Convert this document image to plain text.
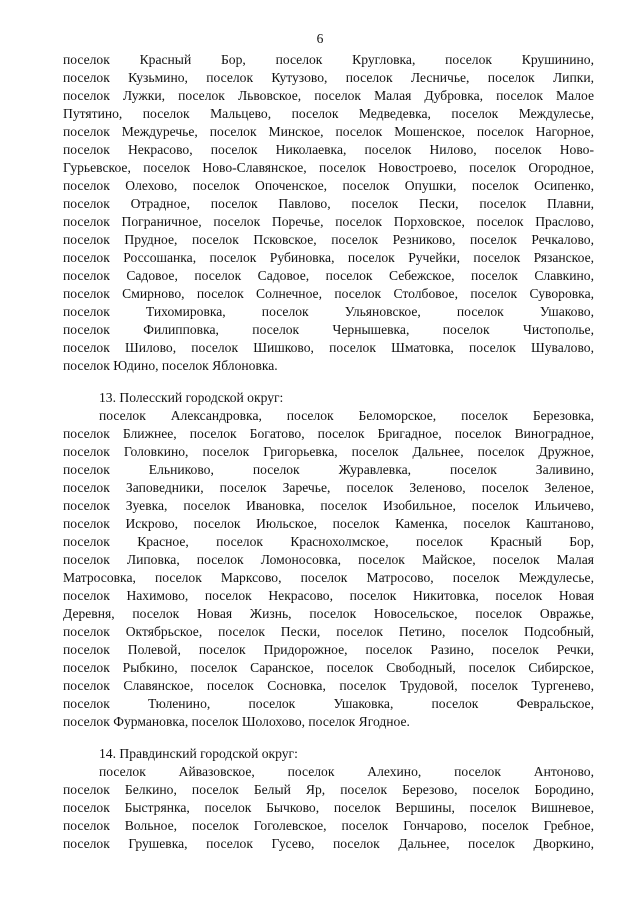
6
поселок Красный Бор, поселок Кругловка, поселок Крушинино,
поселок Кузьмино, поселок Кутузово, поселок Лесничье, поселок Липки,
поселок Лужки, поселок Львовское, поселок Малая Дубровка, поселок Малое
Путятино, поселок Мальцево, поселок Медведевка, поселок Междулесье,
поселок Междуречье, поселок Минское, поселок Мошенское, поселок Нагорное,
поселок Некрасово, поселок Николаевка, поселок Нилово, поселок Ново-
Гурьевское, поселок Ново-Славянское, поселок Новостроево, поселок Огородное,
поселок Олехово, поселок Опоченское, поселок Опушки, поселок Осипенко,
поселок Отрадное, поселок Павлово, поселок Пески, поселок Плавни,
поселок Пограничное, поселок Поречье, поселок Порховское, поселок Праслово,
поселок Прудное, поселок Псковское, поселок Резниково, поселок Речкалово,
поселок Россошанка, поселок Рубиновка, поселок Ручейки, поселок Рязанское,
поселок Садовое, поселок Садовое, поселок Себежское, поселок Славкино,
поселок Смирново, поселок Солнечное, поселок Столбовое, поселок Суворовка,
поселок Тихомировка, поселок Ульяновское, поселок Ушаково,
поселок Филипповка, поселок Чернышевка, поселок Чистополье,
поселок Шилово, поселок Шишково, поселок Шматовка, поселок Шувалово,
поселок Юдино, поселок Яблоновка.
13. Полесский городской округ:
поселок Александровка, поселок Беломорское, поселок Березовка,
поселок Ближнее, поселок Богатово, поселок Бригадное, поселок Виноградное,
поселок Головкино, поселок Григорьевка, поселок Дальнее, поселок Дружное,
поселок Ельниково, поселок Журавлевка, поселок Заливино,
поселок Заповедники, поселок Заречье, поселок Зеленово, поселок Зеленое,
поселок Зуевка, поселок Ивановка, поселок Изобильное, поселок Ильичево,
поселок Искрово, поселок Июльское, поселок Каменка, поселок Каштаново,
поселок Красное, поселок Краснохолмское, поселок Красный Бор,
поселок Липовка, поселок Ломоносовка, поселок Майское, поселок Малая
Матросовка, поселок Марксово, поселок Матросово, поселок Междулесье,
поселок Нахимово, поселок Некрасово, поселок Никитовка, поселок Новая
Деревня, поселок Новая Жизнь, поселок Новосельское, поселок Овражье,
поселок Октябрьское, поселок Пески, поселок Петино, поселок Подсобный,
поселок Полевой, поселок Придорожное, поселок Разино, поселок Речки,
поселок Рыбкино, поселок Саранское, поселок Свободный, поселок Сибирское,
поселок Славянское, поселок Сосновка, поселок Трудовой, поселок Тургенево,
поселок Тюленино, поселок Ушаковка, поселок Февральское,
поселок Фурмановка, поселок Шолохово, поселок Ягодное.
14. Правдинский городской округ:
поселок Айвазовское, поселок Алехино, поселок Антоново,
поселок Белкино, поселок Белый Яр, поселок Березово, поселок Бородино,
поселок Быстрянка, поселок Бычково, поселок Вершины, поселок Вишневое,
поселок Вольное, поселок Гоголевское, поселок Гончарово, поселок Гребное,
поселок Грушевка, поселок Гусево, поселок Дальнее, поселок Дворкино,
